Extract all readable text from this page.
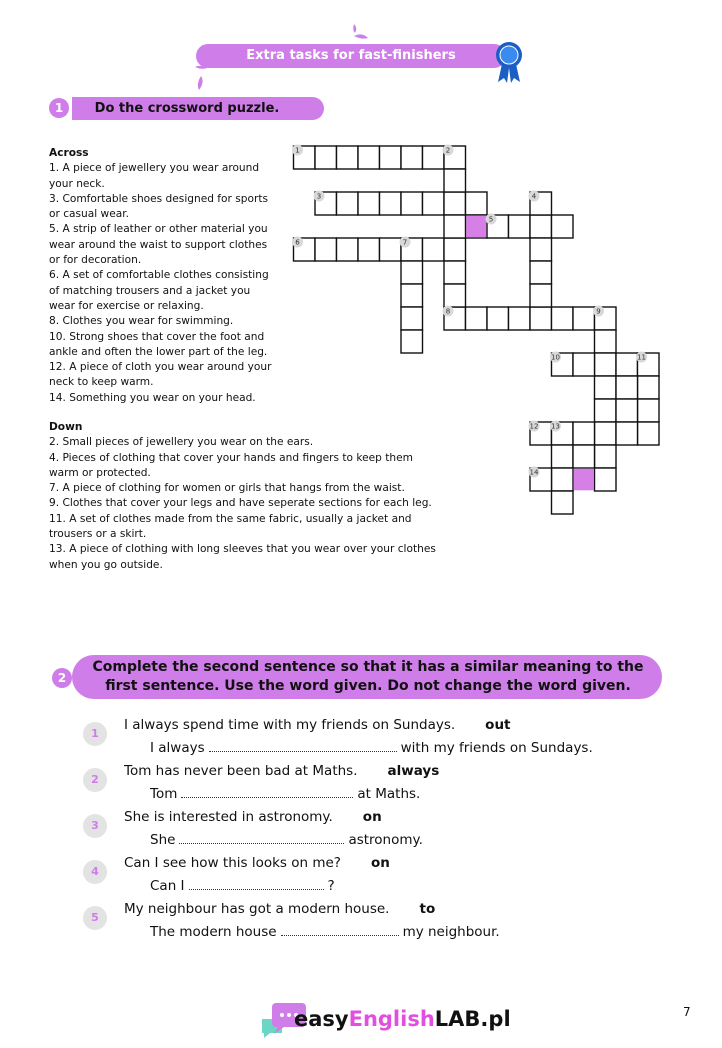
Extra tasks for fast-finishers
1	Do the crossword puzzle.
Across
1. A piece of jewellery you wear around
your neck.
3. Comfortable shoes designed for sports
or casual wear.
5. A strip of leather or other material you
wear around the waist to support clothes
or for decoration.
6. A set of comfortable clothes consisting
of matching trousers and a jacket you
wear for exercise or relaxing.
8. Clothes you wear for swimming.
10. Strong shoes that cover the foot and
ankle and often the lower part of the leg.
12. A piece of cloth you wear around your
neck to keep warm.
14. Something you wear on your head.
Down
2. Small pieces of jewellery you wear on the ears.
4. Pieces of clothing that cover your hands and fingers to keep them
warm or protected.
7. A piece of clothing for women or girls that hangs from the waist.
9. Clothes that cover your legs and have seperate sections for each leg.
11. A set of clothes made from the same fabric, usually a jacket and
trousers or a skirt.
13. A piece of clothing with long sleeves that you wear over your clothes
when you go outside.
1	2
3	4
5
6	7
8	9
10	11
12 13
14
2
Complete the second sentence so that it has a similar meaning to the first sentence. Use the word given. Do not change the word given.
1
I always spend time with my friends on Sundays. out
I always	with my friends on Sundays.
2
Tom has never been bad at Maths. always
Tom	at Maths.
3
She is interested in astronomy. on
She	astronomy.
4
Can I see how this looks on me? on
Can I	?
5
My neighbour has got a modern house. to
The modern house	my neighbour.
easyEnglishLAB.pl	7
